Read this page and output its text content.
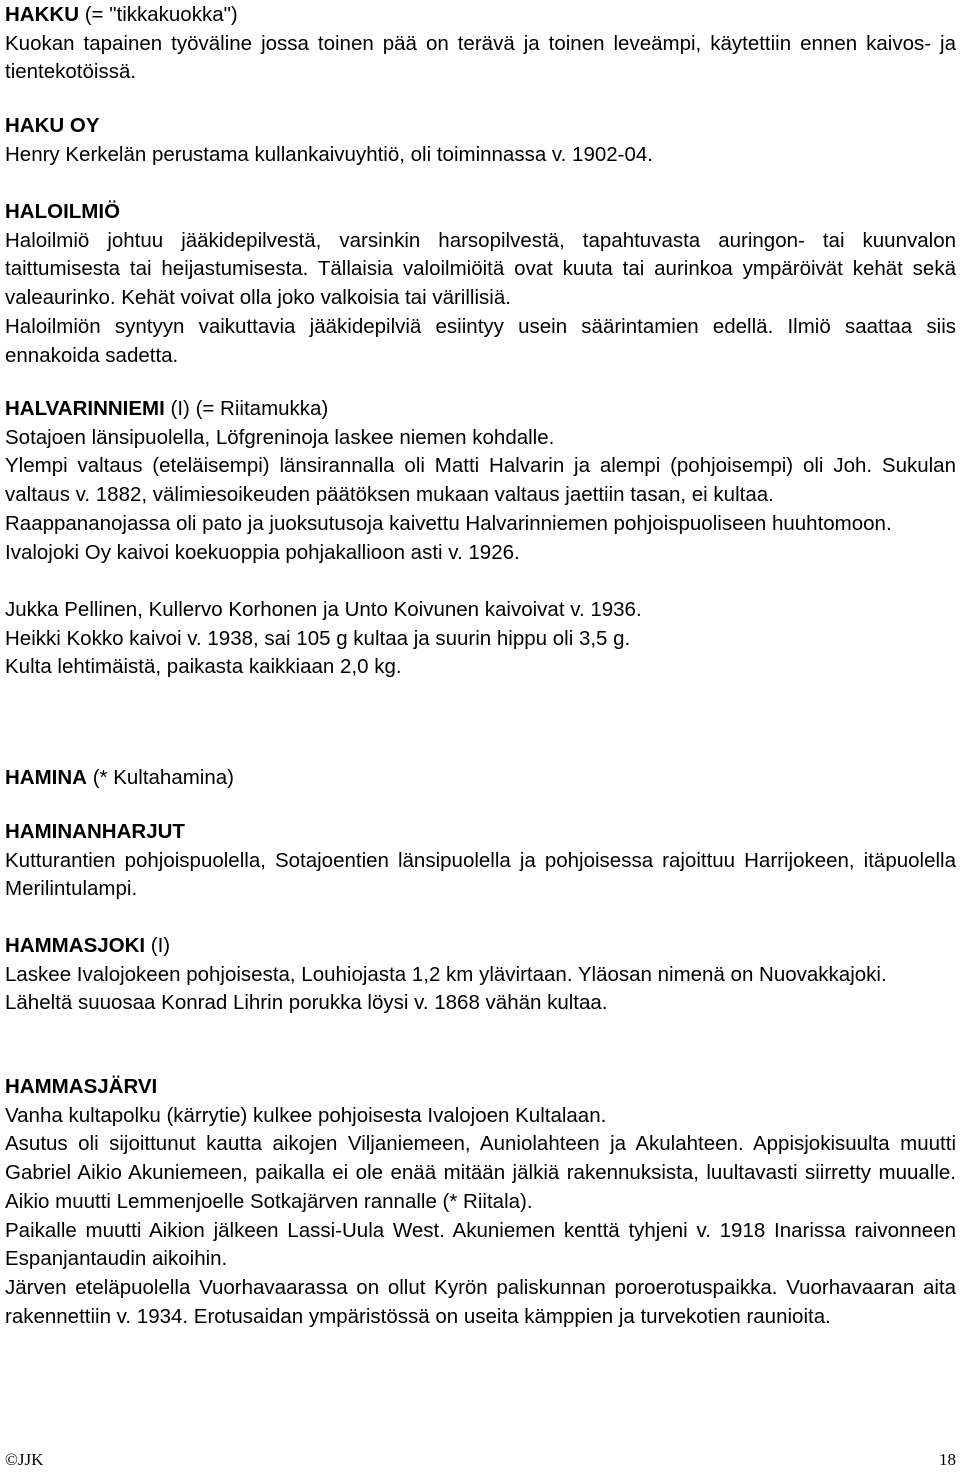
HAKKU (= "tikkakuokka")
Kuokan tapainen työväline jossa toinen pää on terävä ja toinen leveämpi, käytettiin ennen kaivos- ja tientekotöissä.
HAKU OY
Henry Kerkelän perustama kullankaivuyhtiö, oli toiminnassa v. 1902-04.
HALOILMIÖ
Haloilmiö johtuu jääkidepilvestä, varsinkin harsopilvestä, tapahtuvasta auringon- tai kuunvalon taittumisesta tai heijastumisesta. Tällaisia valoilmiöitä ovat kuuta tai aurinkoa ympäröivät kehät sekä valeaurinko. Kehät voivat olla joko valkoisia tai värillisiä.
Haloilmiön syntyyn vaikuttavia jääkidepilviä esiintyy usein säärintamien edellä. Ilmiö saattaa siis ennakoida sadetta.
HALVARINNIEMI (I) (= Riitamukka)
Sotajoen länsipuolella, Löfgreninoja laskee niemen kohdalle.
Ylempi valtaus (eteläisempi) länsirannalla oli Matti Halvarin ja alempi (pohjoisempi) oli Joh. Sukulan valtaus v. 1882, välimiesoikeuden päätöksen mukaan valtaus jaettiin tasan, ei kultaa.
Raappananojassa oli pato ja juoksutusoja kaivettu Halvarinniemen pohjoispuoliseen huuhtomoon.
Ivalojoki Oy kaivoi koekuoppia pohjakallioon asti v. 1926.
Jukka Pellinen, Kullervo Korhonen ja Unto Koivunen kaivoivat v. 1936.
Heikki Kokko kaivoi v. 1938, sai 105 g kultaa ja suurin hippu oli 3,5 g.
Kulta lehtimäistä, paikasta kaikkiaan 2,0 kg.
HAMINA (* Kultahamina)
HAMINANHARJUT
Kutturantien pohjoispuolella, Sotajoentien länsipuolella ja pohjoisessa rajoittuu Harrijokeen, itäpuolella Merilintulampi.
HAMMASJOKI (I)
Laskee Ivalojokeen pohjoisesta, Louhiojasta 1,2 km ylävirtaan. Yläosan nimenä on Nuovakkajoki.
Läheltä suuosaa Konrad Lihrin porukka löysi v. 1868 vähän kultaa.
HAMMASJÄRVI
Vanha kultapolku (kärrytie) kulkee pohjoisesta Ivalojoen Kultalaan.
Asutus oli sijoittunut kautta aikojen Viljaniemeen, Auniolahteen ja Akulahteen. Appisjokisuulta muutti Gabriel Aikio Akuniemeen, paikalla ei ole enää mitään jälkiä rakennuksista, luultavasti siirretty muualle. Aikio muutti Lemmenjoelle Sotkajärven rannalle (* Riitala).
Paikalle muutti Aikion jälkeen Lassi-Uula West. Akuniemen kenttä tyhjeni v. 1918 Inarissa raivonneen Espanjantaudin aikoihin.
Järven eteläpuolella Vuorhavaarassa on ollut Kyrön paliskunnan poroerotuspaikka. Vuorhavaaran aita rakennettiin v. 1934. Erotusaidan ympäristössä on useita kämppien ja turvekotien raunioita.
©JJK	18
